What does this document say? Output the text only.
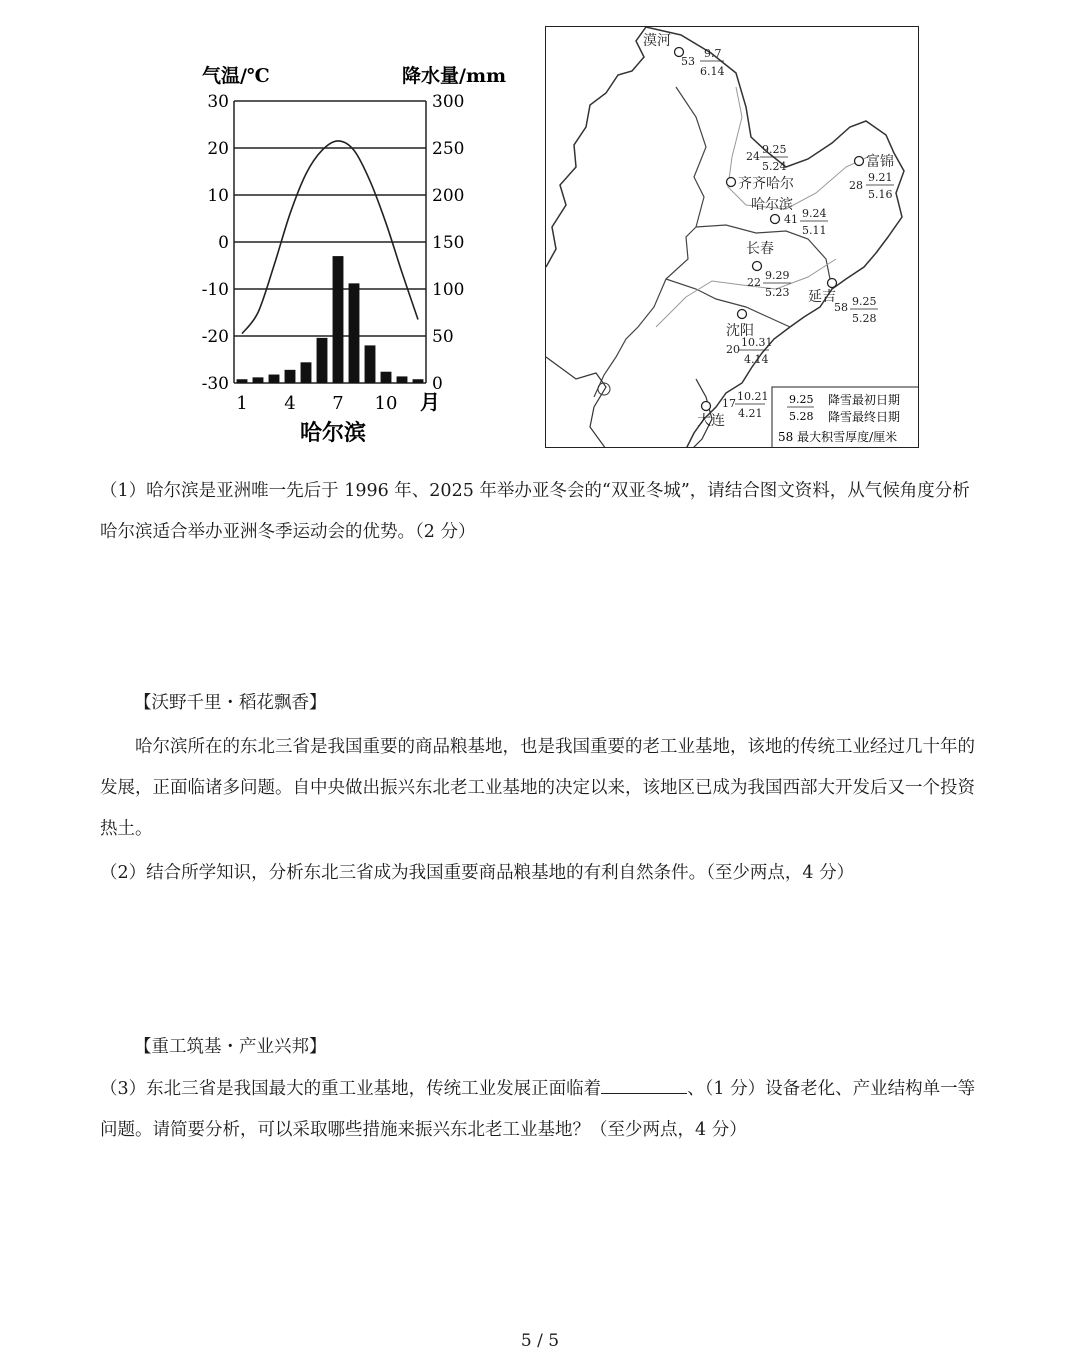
气温/℃	降水量/mm
30
20
10
0
-10
-20
-30
300
250
200
150
100
50
0
1 4 7 10 月
哈尔滨
漠河
齐齐哈尔
哈尔滨
富锦
长春
延吉
沈阳
大连
53
9.7
6.14
24
9.25
5.24
41 9.24
5.11
28
9.21
5.16
22
9.29
5.23
58 9.25
5.28
20
10.31
4.14
17
10.21
4.21
9.25
5.28
降雪最初日期
降雪最终日期
58 最大积雪厚度/厘米
（1）哈尔滨是亚洲唯一先后于 1996 年、2025 年举办亚冬会的“双亚冬城”，请结合图文资料，从气候角度分析哈尔滨适合举办亚洲冬季运动会的优势。（2 分）
【沃野千里・稻花飘香】
哈尔滨所在的东北三省是我国重要的商品粮基地，也是我国重要的老工业基地，该地的传统工业经过几十年的发展，正面临诸多问题。自中央做出振兴东北老工业基地的决定以来，该地区已成为我国西部大开发后又一个投资热土。
（2）结合所学知识，分析东北三省成为我国重要商品粮基地的有利自然条件。（至少两点，4 分）
【重工筑基・产业兴邦】
（3）东北三省是我国最大的重工业基地，传统工业发展正面临着	、（1 分）设备老化、产业结构单一等问题。请简要分析，可以采取哪些措施来振兴东北老工业基地？（至少两点，4 分）
5 / 5
